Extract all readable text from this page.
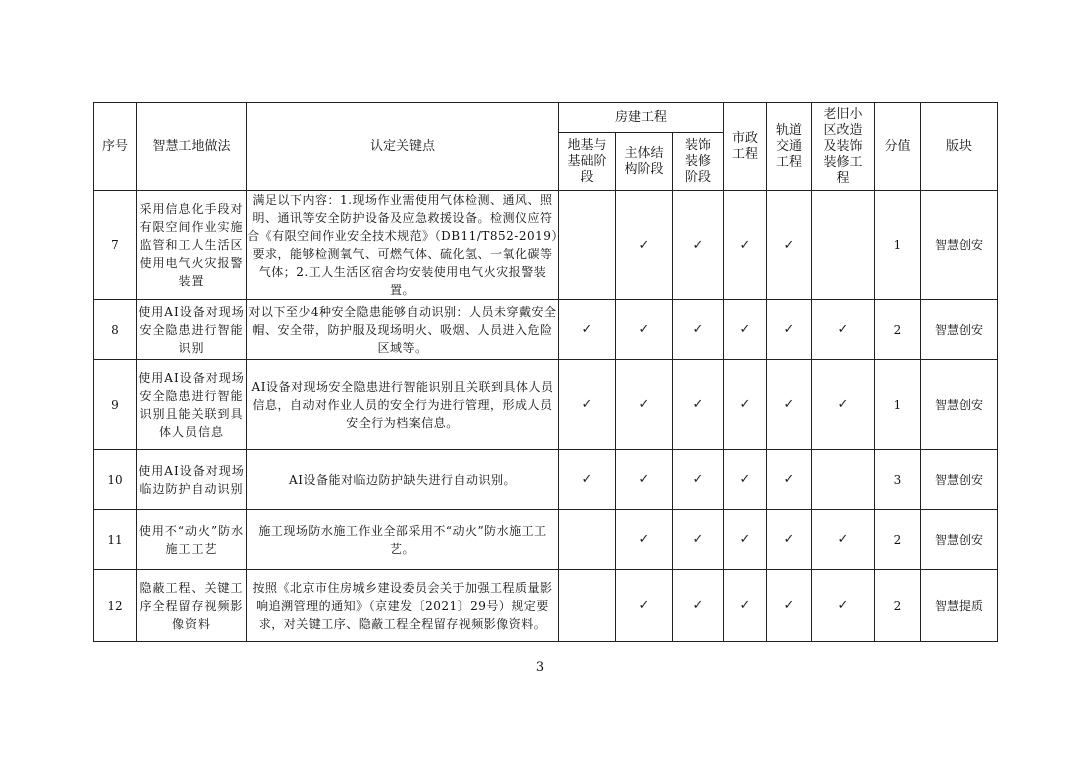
序号	智慧工地做法	认定关键点	房建工程			市政工程	轨道交通工程	老旧小区改造及装饰装修工程	分值	版块
			地基与基础阶段	主体结构阶段	装饰装修阶段					
7	采用信息化手段对有限空间作业实施监管和工人生活区使用电气火灾报警装置	满足以下内容：1.现场作业需使用气体检测、通风、照明、通讯等安全防护设备及应急救援设备。检测仪应符合《有限空间作业安全技术规范》（DB11/T852-2019）要求，能够检测氧气、可燃气体、硫化氢、一氧化碳等气体；2.工人生活区宿舍均安装使用电气火灾报警装置。		✓	✓	✓	✓		1	智慧创安
8	使用AI设备对现场安全隐患进行智能识别	对以下至少4种安全隐患能够自动识别：人员未穿戴安全帽、安全带，防护服及现场明火、吸烟、人员进入危险区域等。	✓	✓	✓	✓	✓	✓	2	智慧创安
9	使用AI设备对现场安全隐患进行智能识别且能关联到具体人员信息	AI设备对现场安全隐患进行智能识别且关联到具体人员信息，自动对作业人员的安全行为进行管理，形成人员安全行为档案信息。	✓	✓	✓	✓	✓	✓	1	智慧创安
10	使用AI设备对现场临边防护自动识别	AI设备能对临边防护缺失进行自动识别。	✓	✓	✓	✓	✓		3	智慧创安
11	使用不“动火”防水施工工艺	施工现场防水施工作业全部采用不“动火”防水施工工艺。		✓	✓	✓	✓	✓	2	智慧创安
12	隐蔽工程、关键工序全程留存视频影像资料	按照《北京市住房城乡建设委员会关于加强工程质量影响追溯管理的通知》（京建发〔2021〕29号）规定要求，对关键工序、隐蔽工程全程留存视频影像资料。		✓	✓	✓	✓	✓	2	智慧提质
3
